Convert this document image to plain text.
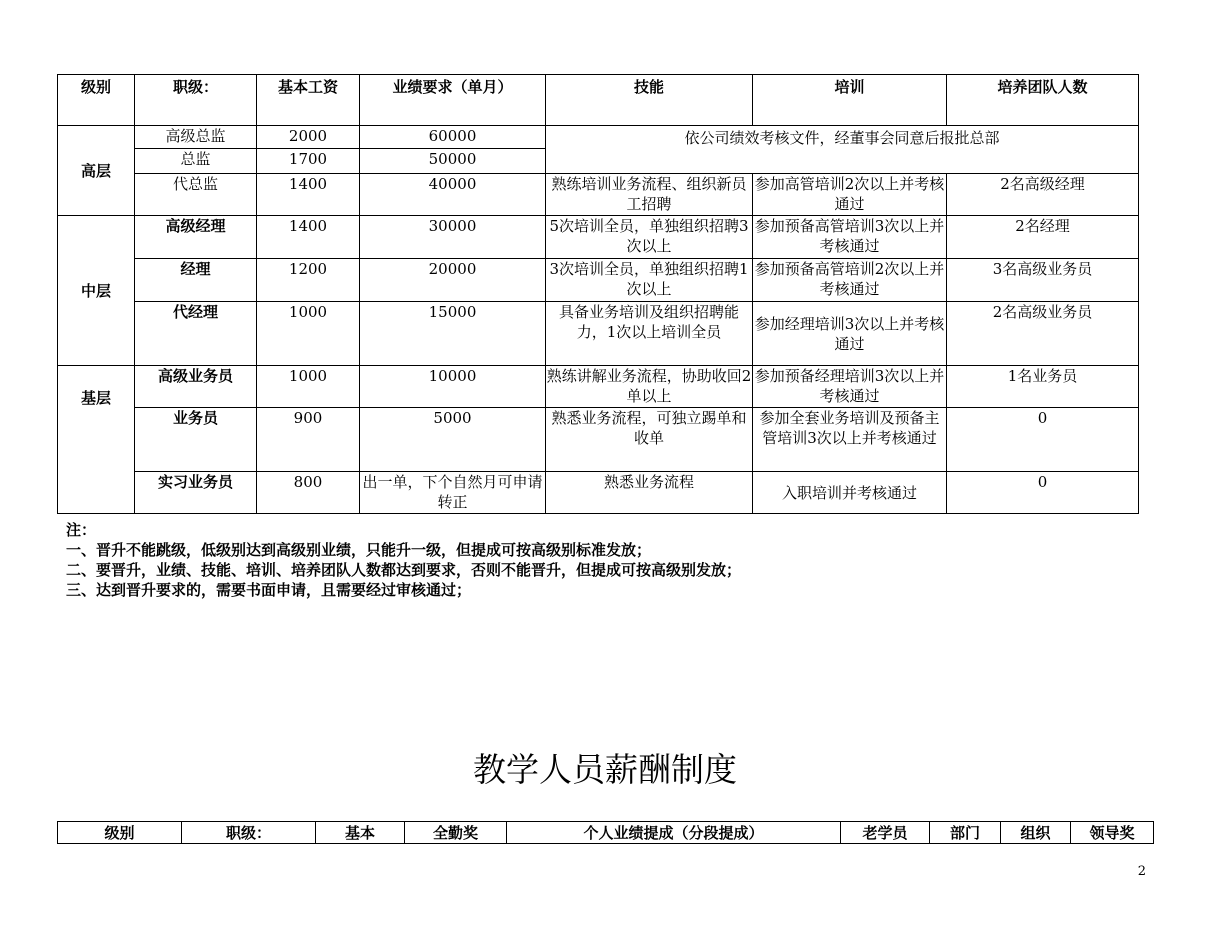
级别	职级：	基本工资	业绩要求（单月）	技能	培训	培养团队人数
高层	高级总监	2000	60000	依公司绩效考核文件，经董事会同意后报批总部		
	总监	1700	50000			
	代总监	1400	40000	熟练培训业务流程、组织新员工招聘	参加高管培训2次以上并考核通过	2名高级经理
中层	高级经理	1400	30000	5次培训全员，单独组织招聘3次以上	参加预备高管培训3次以上并考核通过	2名经理
	经理	1200	20000	3次培训全员，单独组织招聘1次以上	参加预备高管培训2次以上并考核通过	3名高级业务员
	代经理	1000	15000	具备业务培训及组织招聘能力，1次以上培训全员	参加经理培训3次以上并考核通过	2名高级业务员
基层	高级业务员	1000	10000	熟练讲解业务流程，协助收回2单以上	参加预备经理培训3次以上并考核通过	1名业务员
	业务员	900	5000	熟悉业务流程，可独立踢单和收单	参加全套业务培训及预备主管培训3次以上并考核通过	0
	实习业务员	800	出一单，下个自然月可申请转正	熟悉业务流程	入职培训并考核通过	0
注：
一、晋升不能跳级，低级别达到高级别业绩，只能升一级，但提成可按高级别标准发放；
二、要晋升，业绩、技能、培训、培养团队人数都达到要求，否则不能晋升，但提成可按高级别发放；
三、达到晋升要求的，需要书面申请，且需要经过审核通过；
教学人员薪酬制度
级别	职级：	基本	全勤奖	个人业绩提成（分段提成）	老学员	部门	组织	领导奖
2
